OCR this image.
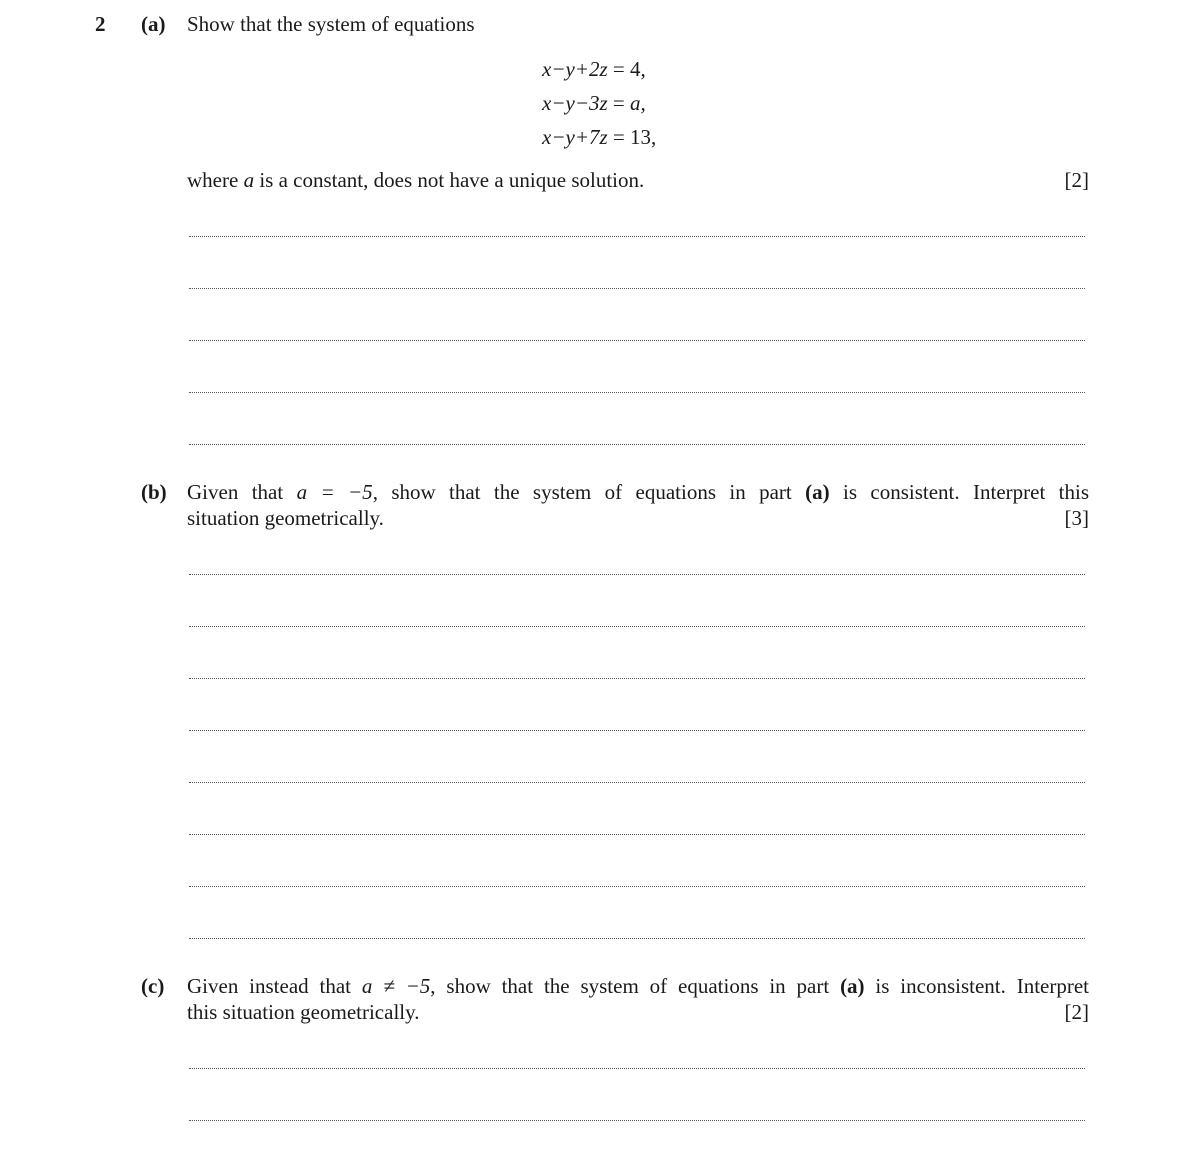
2 (a) Show that the system of equations
x−y+2z = 4,
x−y−3z = a,
x−y+7z = 13,
where a is a constant, does not have a unique solution.	[2]
(b) Given that a = −5, show that the system of equations in part (a) is consistent. Interpret this
situation geometrically.	[3]
(c) Given instead that a ≠ −5, show that the system of equations in part (a) is inconsistent. Interpret
this situation geometrically.	[2]
